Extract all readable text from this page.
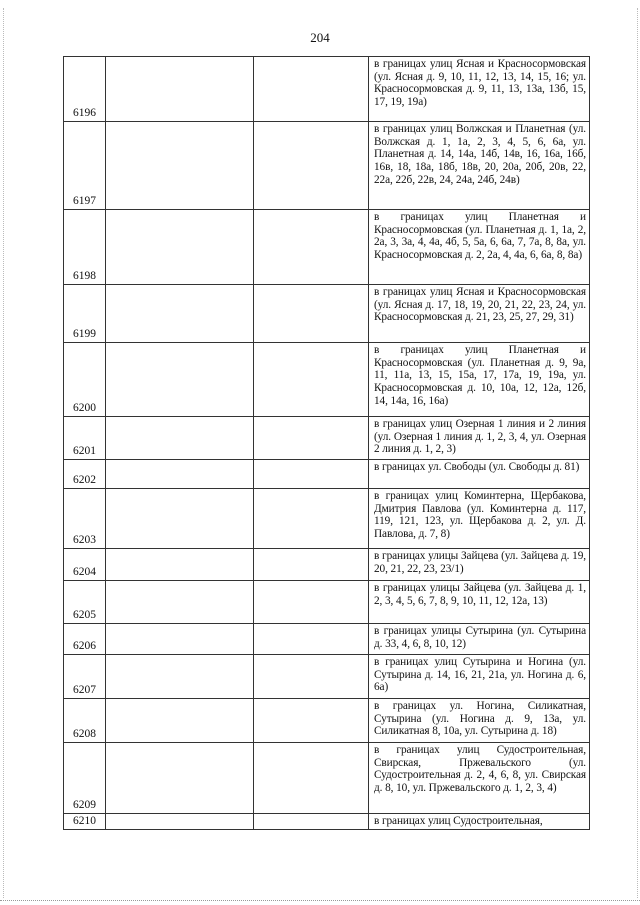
204
6196			в границах улиц Ясная и Красносормовская (ул. Ясная д. 9, 10, 11, 12, 13, 14, 15, 16; ул. Красносормовская д. 9, 11, 13, 13а, 13б, 15, 17, 19, 19а)
6197			в границах улиц Волжская и Планетная (ул. Волжская д. 1, 1а, 2, 3, 4, 5, 6, 6а, ул. Планетная д. 14, 14а, 14б, 14в, 16, 16а, 16б, 16в, 18, 18а, 18б, 18в, 20, 20а, 20б, 20в, 22, 22а, 22б, 22в, 24, 24а, 24б, 24в)
6198			в границах улиц Планетная и Красносормовская (ул. Планетная д. 1, 1а, 2, 2а, 3, 3а, 4, 4а, 4б, 5, 5а, 6, 6а, 7, 7а, 8, 8а, ул. Красносормовская д. 2, 2а, 4, 4а, 6, 6а, 8, 8а)
6199			в границах улиц Ясная и Красносормовская (ул. Ясная д. 17, 18, 19, 20, 21, 22, 23, 24, ул. Красносормовская д. 21, 23, 25, 27, 29, 31)
6200			в границах улиц Планетная и Красносормовская (ул. Планетная д. 9, 9а, 11, 11а, 13, 15, 15а, 17, 17а, 19, 19а, ул. Красносормовская д. 10, 10а, 12, 12а, 12б, 14, 14а, 16, 16а)
6201			в границах улиц Озерная 1 линия и 2 линия (ул. Озерная 1 линия д. 1, 2, 3, 4, ул. Озерная 2 линия д. 1, 2, 3)
6202			в границах ул. Свободы (ул. Свободы д. 81)
6203			в границах улиц Коминтерна, Щербакова, Дмитрия Павлова (ул. Коминтерна д. 117, 119, 121, 123, ул. Щербакова д. 2, ул. Д. Павлова, д. 7, 8)
6204			в границах улицы Зайцева (ул. Зайцева д. 19, 20, 21, 22, 23, 23/1)
6205			в границах улицы Зайцева (ул. Зайцева д. 1, 2, 3, 4, 5, 6, 7, 8, 9, 10, 11, 12, 12а, 13)
6206			в границах улицы Сутырина (ул. Сутырина д. 33, 4, 6, 8, 10, 12)
6207			в границах улиц Сутырина и Ногина (ул. Сутырина д. 14, 16, 21, 21а, ул. Ногина д. 6, 6а)
6208			в границах ул. Ногина, Силикатная, Сутырина (ул. Ногина д. 9, 13а, ул. Силикатная 8, 10а, ул. Сутырина д. 18)
6209			в границах улиц Судостроительная, Свирская, Пржевальского (ул. Судостроительная д. 2, 4, 6, 8, ул. Свирская д. 8, 10, ул. Пржевальского д. 1, 2, 3, 4)
6210			в границах улиц Судостроительная,
